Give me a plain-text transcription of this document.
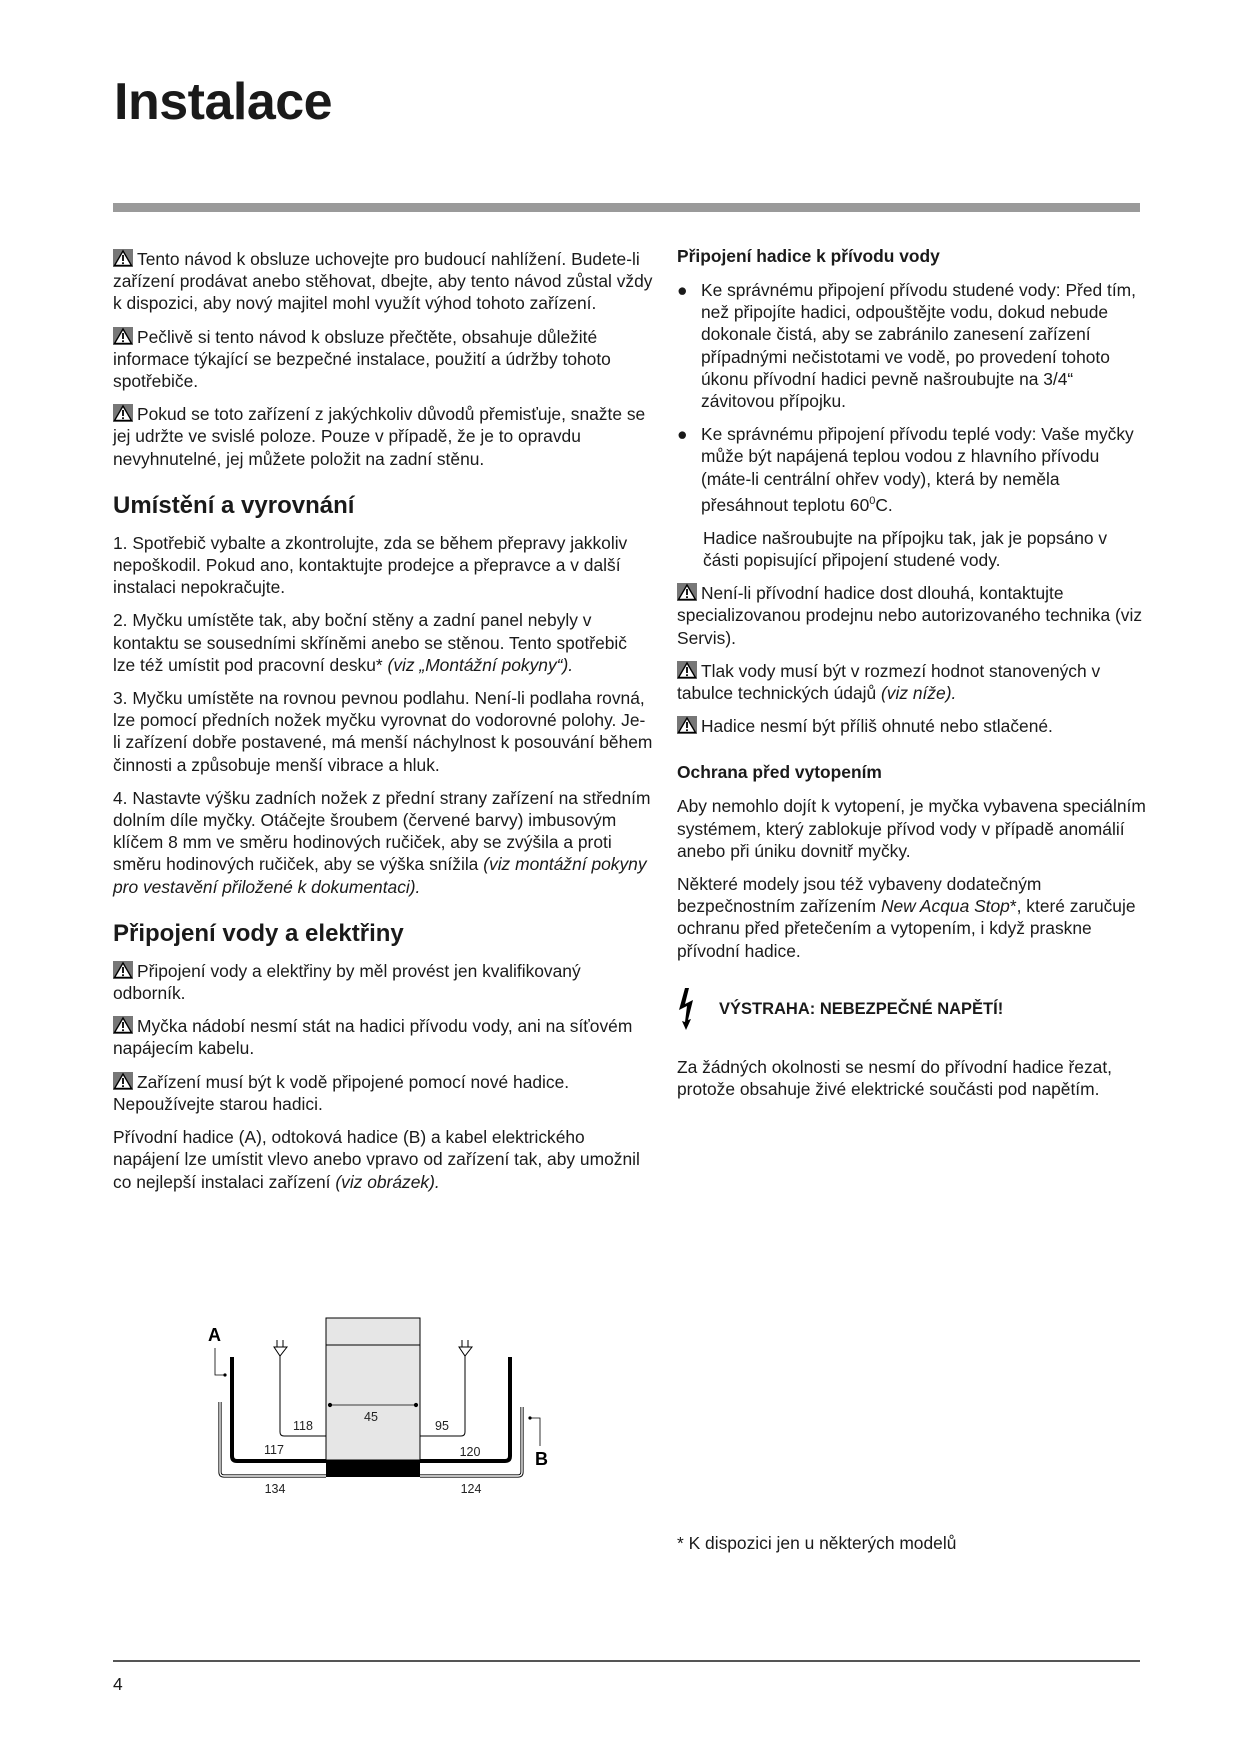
Instalace

Tento návod k obsluze uchovejte pro budoucí nahlížení. Budete-li zařízení prodávat anebo stěhovat, dbejte, aby tento návod zůstal vždy k dispozici, aby nový majitel mohl využít výhod tohoto zařízení.

Pečlivě si tento návod k obsluze přečtěte, obsahuje důležité informace týkající se bezpečné instalace, použití a údržby tohoto spotřebiče.

Pokud se toto zařízení z jakýchkoliv důvodů přemisťuje, snažte se jej udržte ve svislé poloze. Pouze v případě, že je to opravdu nevyhnutelné, jej můžete položit na zadní stěnu.

Umístění a vyrovnání

1. Spotřebič vybalte a zkontrolujte, zda se během přepravy jakkoliv nepoškodil. Pokud ano, kontaktujte prodejce a přepravce a v další instalaci nepokračujte.

2. Myčku umístěte tak, aby boční stěny a zadní panel nebyly v kontaktu se sousedními skříněmi anebo se stěnou. Tento spotřebič lze též umístit pod pracovní desku* (viz „Montážní pokyny“).

3. Myčku umístěte na rovnou pevnou podlahu. Není-li podlaha rovná, lze pomocí předních nožek myčku vyrovnat do vodorovné polohy. Je-li zařízení dobře postavené, má menší náchylnost k posouvání během činnosti a způsobuje menší vibrace a hluk.

4. Nastavte výšku zadních nožek z přední strany zařízení na středním dolním díle myčky. Otáčejte šroubem (červené barvy) imbusovým klíčem 8 mm ve směru hodinových ručiček, aby se zvýšila a proti směru hodinových ručiček, aby se výška snížila (viz montážní pokyny pro vestavění přiložené k dokumentaci).

Připojení vody a elektřiny

Připojení vody a elektřiny by měl provést jen kvalifikovaný odborník.

Myčka nádobí nesmí stát na hadici přívodu vody, ani na síťovém napájecím kabelu.

Zařízení musí být k vodě připojené pomocí nové hadice. Nepoužívejte starou hadici.

Přívodní hadice (A), odtoková hadice (B) a kabel elektrického napájení lze umístit vlevo anebo vpravo od zařízení tak, aby umožnil co nejlepší instalaci zařízení (viz obrázek).

Připojení hadice k přívodu vody
● Ke správnému připojení přívodu studené vody: Před tím, než připojíte hadici, odpouštějte vodu, dokud nebude dokonale čistá, aby se zabránilo zanesení zařízení případnými nečistotami ve vodě, po provedení tohoto úkonu přívodní hadici pevně našroubujte na 3/4“ závitovou přípojku.
● Ke správnému připojení přívodu teplé vody: Vaše myčky může být napájená teplou vodou z hlavního přívodu (máte-li centrální ohřev vody), která by neměla přesáhnout teplotu $60^0C$.

Hadice našroubujte na přípojku tak, jak je popsáno v části popisující připojení studené vody.

Není-li přívodní hadice dost dlouhá, kontaktujte specializovanou prodejnu nebo autorizovaného technika (viz Servis).

Tlak vody musí být v rozmezí hodnot stanovených v tabulce technických údajů (viz níže).

Hadice nesmí být příliš ohnuté nebo stlačené.

Ochrana před vytopením

Aby nemohlo dojít k vytopení, je myčka vybavena speciálním systémem, který zablokuje přívod vody v případě anomálií anebo při úniku dovnitř myčky.

Některé modely jsou též vybaveny dodatečným bezpečnostním zařízením New Acqua Stop*, které zaručuje ochranu před přetečením a vytopením, i když praskne přívodní hadice.

VÝSTRAHA: NEBEZPEČNÉ NAPĚTÍ!

Za žádných okolnosti se nesmí do přívodní hadice řezat, protože obsahuje živé elektrické součásti pod napětím.

45
118	95
117	120
134	124
A
B
* K dispozici jen u některých modelů
4
